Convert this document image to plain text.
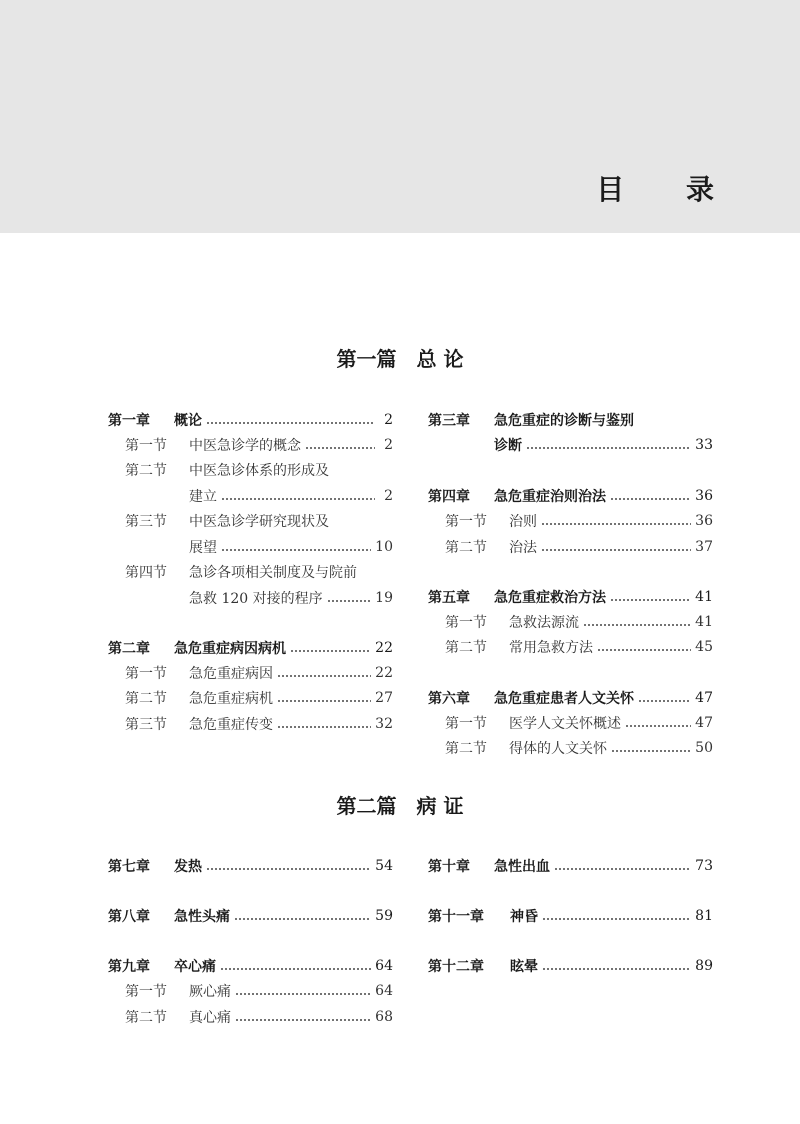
目 录
第一篇 总 论
第一章	概论	2
第一节	中医急诊学的概念	2
第二节	中医急诊体系的形成及
建立	2
第三节	中医急诊学研究现状及
展望	10
第四节	急诊各项相关制度及与院前
急救 120 对接的程序	19
第二章	急危重症病因病机	22
第一节	急危重症病因	22
第二节	急危重症病机	27
第三节	急危重症传变	32
第三章	急危重症的诊断与鉴别
诊断	33
第四章	急危重症治则治法	36
第一节	治则	36
第二节	治法	37
第五章	急危重症救治方法	41
第一节	急救法源流	41
第二节	常用急救方法	45
第六章	急危重症患者人文关怀	47
第一节	医学人文关怀概述	47
第二节	得体的人文关怀	50
第二篇 病 证
第七章	发热	54
第八章	急性头痛	59
第九章	卒心痛	64
第一节	厥心痛	64
第二节	真心痛	68
第十章	急性出血	73
第十一章	神昏	81
第十二章	眩晕	89
